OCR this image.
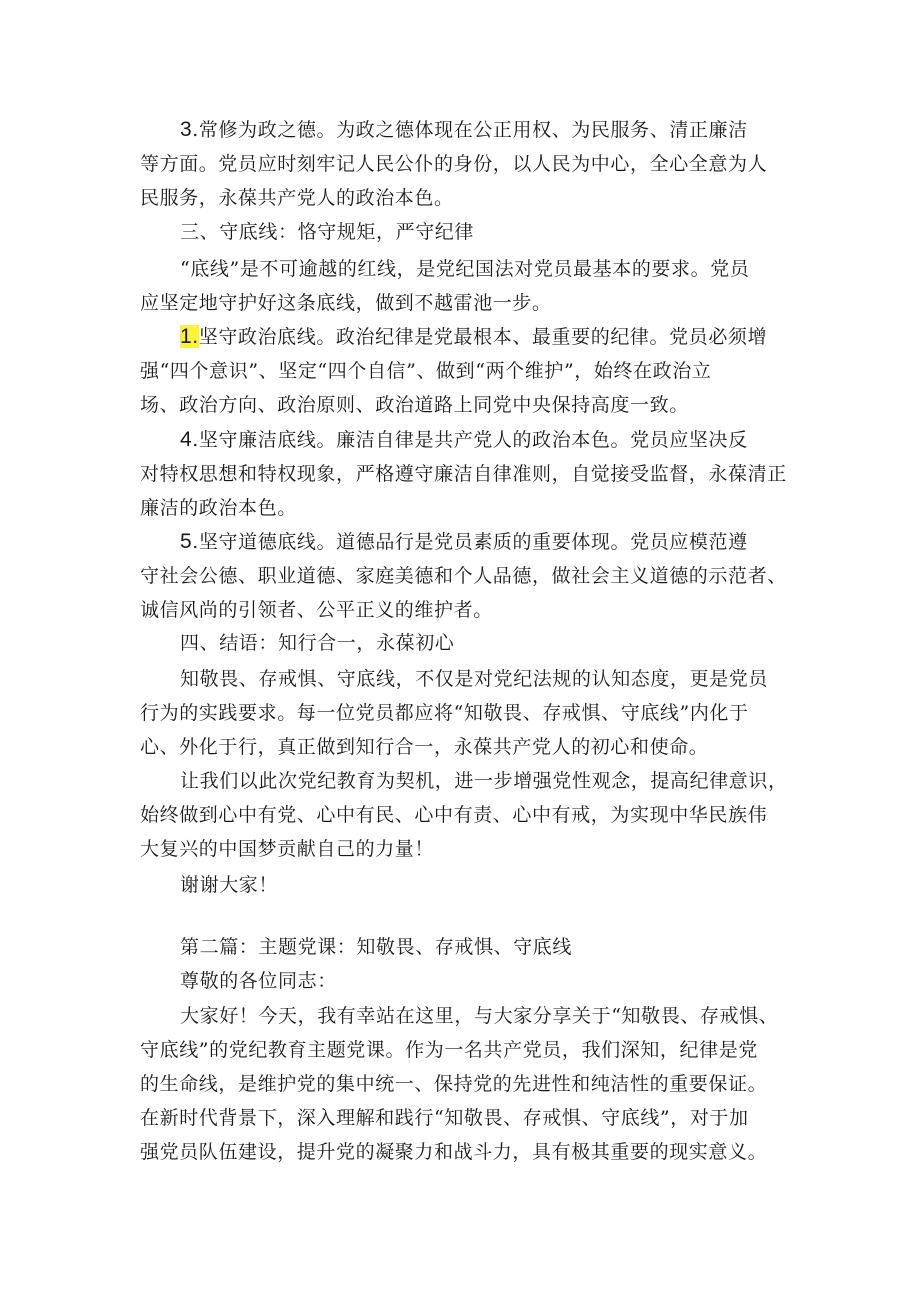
3.常修为政之德。为政之德体现在公正用权、为民服务、清正廉洁
等方面。党员应时刻牢记人民公仆的身份，以人民为中心，全心全意为人
民服务，永葆共产党人的政治本色。
三、守底线：恪守规矩，严守纪律
“底线”是不可逾越的红线，是党纪国法对党员最基本的要求。党员
应坚定地守护好这条底线，做到不越雷池一步。
1.坚守政治底线。政治纪律是党最根本、最重要的纪律。党员必须增
强“四个意识”、坚定“四个自信”、做到“两个维护”，始终在政治立
场、政治方向、政治原则、政治道路上同党中央保持高度一致。
4.坚守廉洁底线。廉洁自律是共产党人的政治本色。党员应坚决反
对特权思想和特权现象，严格遵守廉洁自律准则，自觉接受监督，永葆清正
廉洁的政治本色。
5.坚守道德底线。道德品行是党员素质的重要体现。党员应模范遵
守社会公德、职业道德、家庭美德和个人品德，做社会主义道德的示范者、
诚信风尚的引领者、公平正义的维护者。
四、结语：知行合一，永葆初心
知敬畏、存戒惧、守底线，不仅是对党纪法规的认知态度，更是党员
行为的实践要求。每一位党员都应将“知敬畏、存戒惧、守底线”内化于
心、外化于行，真正做到知行合一，永葆共产党人的初心和使命。
让我们以此次党纪教育为契机，进一步增强党性观念，提高纪律意识，
始终做到心中有党、心中有民、心中有责、心中有戒，为实现中华民族伟
大复兴的中国梦贡献自己的力量！
谢谢大家！
第二篇：主题党课：知敬畏、存戒惧、守底线
尊敬的各位同志：
大家好！今天，我有幸站在这里，与大家分享关于“知敬畏、存戒惧、
守底线”的党纪教育主题党课。作为一名共产党员，我们深知，纪律是党
的生命线，是维护党的集中统一、保持党的先进性和纯洁性的重要保证。
在新时代背景下，深入理解和践行“知敬畏、存戒惧、守底线”，对于加
强党员队伍建设，提升党的凝聚力和战斗力，具有极其重要的现实意义。
